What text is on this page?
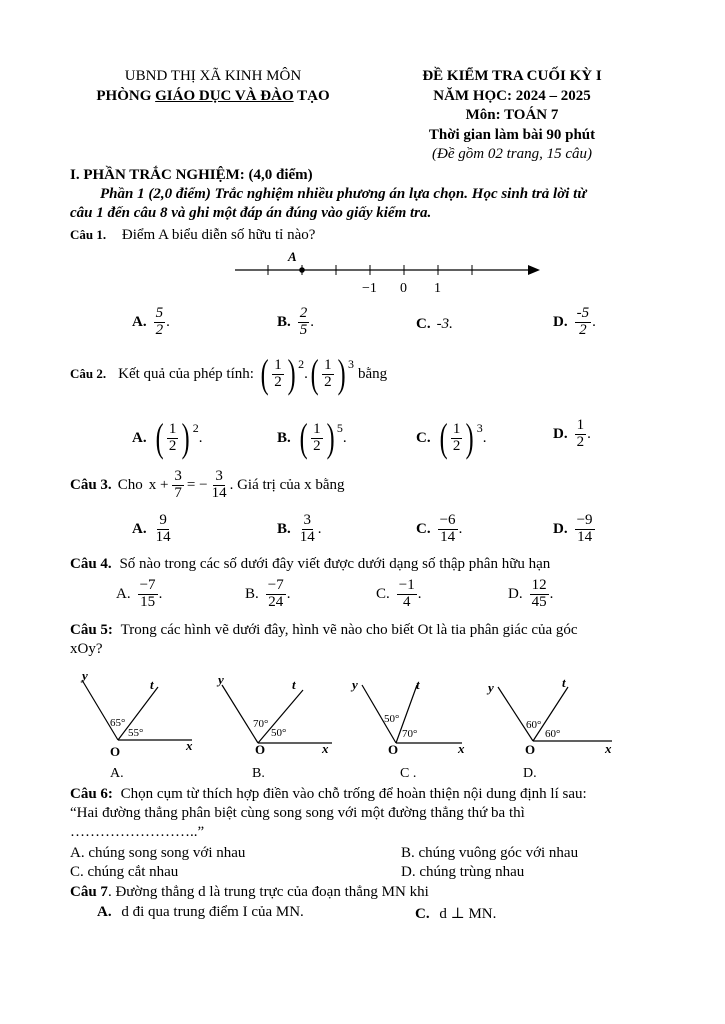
UBND THỊ XÃ KINH MÔN
PHÒNG GIÁO DỤC VÀ ĐÀO TẠO
ĐỀ KIỂM TRA CUỐI KỲ I
NĂM HỌC: 2024 – 2025
Môn: TOÁN 7
Thời gian làm bài 90 phút
(Đề gồm 02 trang, 15 câu)
I. PHẦN TRẮC NGHIỆM: (4,0 điểm)
Phần 1 (2,0 điểm) Trắc nghiệm nhiều phương án lựa chọn. Học sinh trả lời từ
câu 1 đến câu 8 và ghi một đáp án đúng vào giấy kiểm tra.
Câu 1. Điểm A biểu diễn số hữu tỉ nào?
A
−1 0 1
A. $\frac{5}{2}$ .	B. $\frac{2}{5}$ .	C. -3.	D. $\frac{-5}{2}$ .
Câu 2. Kết quả của phép tính: ( $\frac{1}{2}$ ) 2
. ( $\frac{1}{2}$ ) 3
bằng
A. ( $\frac{1}{2}$ ) 2
.	B. ( $\frac{1}{2}$ ) 5
.	C. ( $\frac{1}{2}$ ) 3
.	D. $\frac{1}{2}$ .
Câu 3. Cho $x + \frac{3}{7}$ = − $\frac{3}{14}$ . Giá trị của x bằng
A. $\frac{9}{14}$	B. $\frac{3}{14}$ .	C. $\frac{-6}{14}$ .	D. $\frac{-9}{14}$
Câu 4. Số nào trong các số dưới đây viết được dưới dạng số thập phân hữu hạn
A. $\frac{-7}{15}$ .	B. $\frac{-7}{24}$ .	C. $\frac{-1}{4}$ .	D. $\frac{12}{45}$ .
Câu 5: Trong các hình vẽ dưới đây, hình vẽ nào cho biết Ot là tia phân giác của góc
xOy?
y
t
O	x
65°
55°
A.
y	t
O	x
70°
50°
B.
y	t
O	x
50°
70°
C .
y	t
O	x
60°
60°
D.
Câu 6: Chọn cụm từ thích hợp điền vào chỗ trống để hoàn thiện nội dung định lí sau:
“Hai đường thẳng phân biệt cùng song song với một đường thẳng thứ ba thì
……………………..”
A. chúng song song với nhau	B. chúng vuông góc với nhau
C. chúng cắt nhau	D. chúng trùng nhau
Câu 7. Đường thẳng d là trung trực của đoạn thẳng MN khi
A. d đi qua trung điểm I của MN.	C. d ⊥ MN.
